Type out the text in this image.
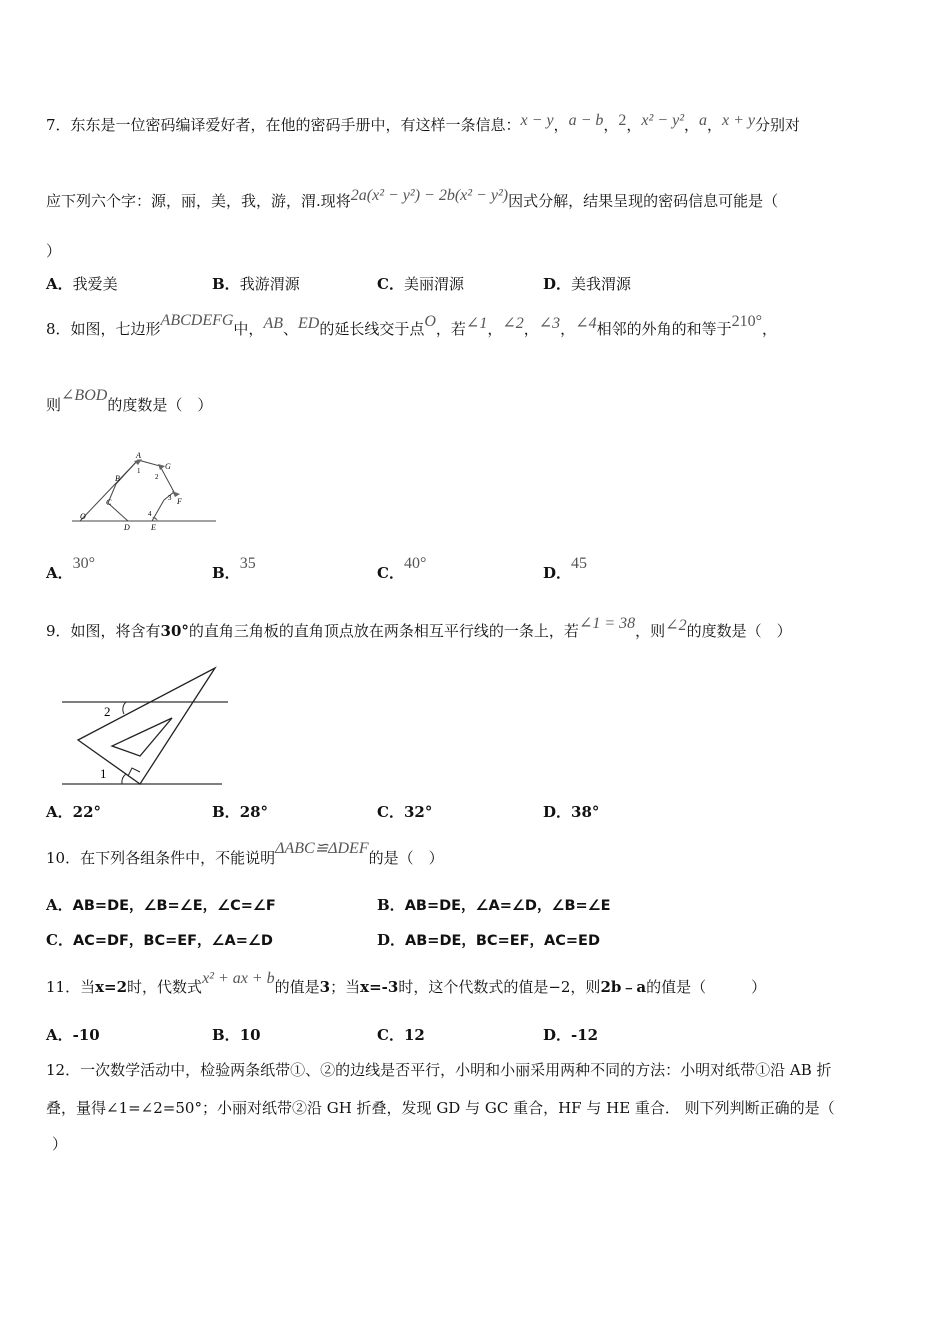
7．东东是一位密码编译爱好者，在他的密码手册中，有这样一条信息：x − y，a − b，2，x² − y²，a，x + y分别对
应下列六个字：源，丽，美，我，游，渭.现将2a(x² − y²) − 2b(x² − y²)因式分解，结果呈现的密码信息可能是（
）
A．我爱美	B．我游渭源	C．美丽渭源	D．美我渭源
8．如图，七边形ABCDEFG中，AB、ED的延长线交于点O，若∠1，∠2，∠3，∠4相邻的外角的和等于210°，
则∠BOD的度数是（　）
A
B
C
D	E
F
G
O
1
2
3
4
A．30°
B．35
C．40°
D．45
9．如图，将含有30°的直角三角板的直角顶点放在两条相互平行线的一条上，若∠1 = 38，则∠2的度数是（　）
2
1
A．22°	B．28°	C．32°	D．38°
10．在下列各组条件中，不能说明ΔABC≌ΔDEF的是（　）
A．AB=DE，∠B=∠E，∠C=∠F	B．AB=DE，∠A=∠D，∠B=∠E
C．AC=DF，BC=EF，∠A=∠D	D．AB=DE，BC=EF，AC=ED
11．当x=2时，代数式x² + ax + b的值是3；当x=-3时，这个代数式的值是−2，则2b﹣a的值是（　　　）
A．-10	B．10	C．12	D．-12
12．一次数学活动中，检验两条纸带①、②的边线是否平行，小明和小丽采用两种不同的方法：小明对纸带①沿 AB 折
叠，量得∠1=∠2=50°；小丽对纸带②沿 GH 折叠，发现 GD 与 GC 重合，HF 与 HE 重合． 则下列判断正确的是（
）
